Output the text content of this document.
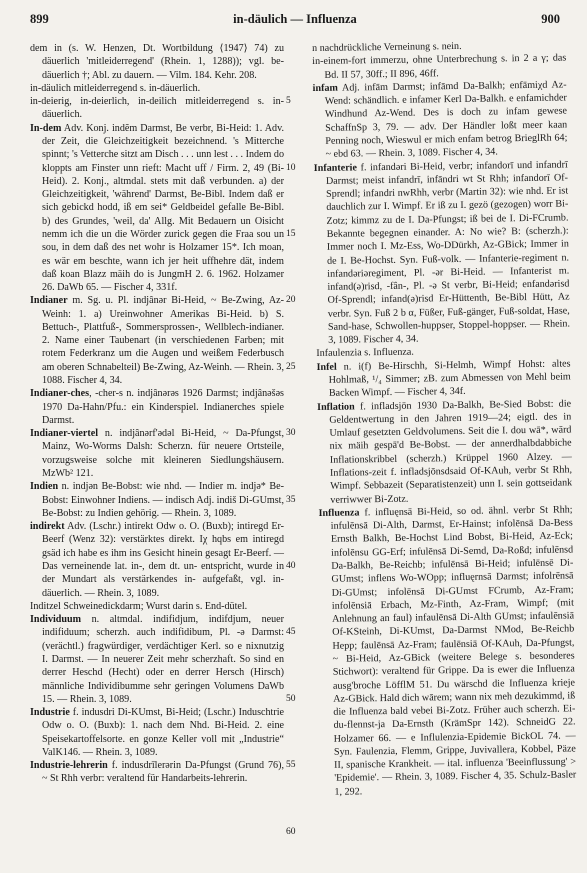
899	in-däulich — Influenza	900

dem in (s. W. Henzen, Dt. Wortbildung ⟨1947⟩ 74) zu däuerlich 'mitleiderregend' (Rhein. 1, 1288)); vgl. be-däuerlich †; Abl. zu dauern. — Vilm. 184. Kehr. 208.

in-däulich mitleiderregend s. in-däuerlich.

in-deierig, in-deierlich, in-deilich mitleiderregend s. in-däuerlich.

In-dem Adv. Konj. indẽm Darmst, Be verbr, Bi-Heid: 1. Adv. der Zeit, die Gleichzeitigkeit bezeichnend. 's Mitterche spinnt; 's Vetterche sitzt am Disch . . . unn lest . . . Indem do kloppts am Finster unn rieft: Macht uff / Firm. 2, 49 (Bi-Heid). 2. Konj., altmdal. stets mit daß verbunden. a) der Gleichzeitigkeit, 'während' Darmst, Be-Bibl. Indem daß er sich gebickd hodd, iß em sei* Geldbeidel gefalle Be-Bibl. b) des Grundes, 'weil, da' Allg. Mit Bedauern un Oisicht nemm ich die un die Wörder zurick gegen die Fraa sou un sou, in dem daß des net wohr is Holzamer 15*. Ich moan, es wär em beschte, wann ich jer heit uffhehre dät, indem daß koan Blazz mäih do is JungmH 2. 6. 1962. Holzamer 26. DaWb 65. — Fischer 4, 331f.

Indianer m. Sg. u. Pl. indjânər Bi-Heid, ~ Be-Zwing, Az-Weinh: 1. a) Ureinwohner Amerikas Bi-Heid. b) S. Bettuch-, Plattfuß-, Sommersprossen-, Wellblech-indianer. 2. Name einer Taubenart (in verschiedenen Farben; mit rotem Federkranz um die Augen und weißem Federbusch am oberen Schnabelteil) Be-Zwing, Az-Weinh. — Rhein. 3, 1088. Fischer 4, 34.

Indianer-ches, -cher-s n. indjânərəs 1926 Darmst; indjânəšəs 1970 Da-Hahn/Pfu.: ein Kinderspiel. Indianerches spiele Darmst.

Indianer-viertel n. indjânərf'ədəl Bi-Heid, ~ Da-Pfungst, Mainz, Wo-Worms Dalsh: Scherzn. für neuere Ortsteile, vorzugsweise solche mit kleineren Siedlungshäusern. MzWb² 121.

Indien n. indjən Be-Bobst: wie nhd. — Indier m. indjə* Be-Bobst: Einwohner Indiens. — indisch Adj. indiš Di-GUmst, Be-Bobst: zu Indien gehörig. — Rhein. 3, 1089.

indirekt Adv. (Lschr.) intirekt Odw o. O. (Buxb); intiregd Er-Beerf (Wenz 32): verstärktes direkt. Iχ hqbs em intiregd gsäd ich habe es ihm ins Gesicht hinein gesagt Er-Beerf. — Das verneinende lat. in-, dem dt. un- entspricht, wurde in der Mundart als verstärkendes in- aufgefaßt, vgl. in-däuerlich. — Rhein. 3, 1089.

Inditzel Schweinedickdarm; Wurst darin s. End-dütel.

Individuum n. altmdal. indifidjum, indifdjum, neuer indifiduum; scherzh. auch indifidibum, Pl. -ə Darmst: (verächtl.) fragwürdiger, verdächtiger Kerl. so e nixnutzig I. Darmst. — In neuerer Zeit mehr scherzhaft. So sind en derrer Heschd (Hecht) oder en derrer Hersch (Hirsch) männliche Individibumme sehr geringen Volumens DaWb 15. — Rhein. 3, 1089.

Industrie f. indusdri Di-KUmst, Bi-Heid; (Lschr.) Induschtrie Odw o. O. (Buxb): 1. nach dem Nhd. Bi-Heid. 2. eine Speisekartoffelsorte. en gonze Keller voll mit „Industrie“ ValK146. — Rhein. 3, 1089.

Industrie-lehrerin f. indusdrīlerərin Da-Pfungst (Grund 76), ~ St Rhh verbr: veraltend für Handarbeits-lehrerin.

5
10
15
20
25
30
35
40
45
50
55
60

n nachdrückliche Verneinung s. nein.

in-einem-fort immerzu, ohne Unterbrechung s. in 2 a γ; das Bd. II 57, 30ff.; II 896, 46ff.

infam Adj. infām Darmst; infāmd Da-Balkh; enfāmiχd Az-Wend: schändlich. e infamer Kerl Da-Balkh. e enfamichder Windhund Az-Wend. Des is doch zu infam gewese SchaffnSp 3, 79. — adv. Der Händler loßt meer kaan Penning noch, Wieswul er mich enfam betrog BrieglRh 64; ~ ebd 63. — Rhein. 3, 1089. Fischer 4, 34.

Infanterie f. infandəri Bi-Heid, verbr; infandorī und infandrī Darmst; meist infandrī, infāndri wt St Rhh; infandorī Of-Sprendl; infandri nwRhh, verbr (Martin 32): wie nhd. Er ist dauchlich zur I. Wimpf. Er iß zu I. gezö (gezogen) worr Bi-Zotz; kimmz zu de I. Da-Pfungst; iß bei de I. Di-FCrumb. Bekannte begegnen einander. A: No wie? B: (scherzh.): Immer noch I. Mz-Ess, Wo-DDürkh, Az-GBick; Immer in de I. Be-Hochst. Syn. Fuß-volk. — Infanterie-regiment n. infandəriəregiment, Pl. -ər Bi-Heid. — Infanterist m. infand(ə)risd, -fân-, Pl. -ə St verbr, Bi-Heid; enfandərisd Of-Sprendl; infand(ə)risd Er-Hüttenth, Be-Bibl Hütt, Az verbr. Syn. Fuß 2 b α, Füßer, Fuß-gänger, Fuß-soldat, Hase, Sand-hase, Schwollen-huppser, Stoppel-hoppser. — Rhein. 3, 1089. Fischer 4, 34.

Infaulenzia s. Influenza.

Infel n. i(f) Be-Hirschh, Si-Helmh, Wimpf Hohst: altes Hohlmaß, ¹/₄ Simmer; zB. zum Abmessen von Mehl beim Backen Wimpf. — Fischer 4, 34f.

Inflation f. infladsjōn 1930 Da-Balkh, Be-Sied Bobst: die Geldentwertung in den Jahren 1919—24; eigtl. des in Umlauf gesetzten Geldvolumens. Seit die I. dou wā*, wārd nix mäih gespā'd Be-Bobst. — der annerdhalbdabbiche Inflationskribbel (scherzh.) Krüppel 1960 Alzey. — Inflations-zeit f. infladsjōnsdsaid Of-KAuh, verbr St Rhh, Wimpf. Sebbazeit (Separatistenzeit) unn I. sein gottseidank verriwwer Bi-Zotz.

Influenza f. influęnsā Bi-Heid, so od. ähnl. verbr St Rhh; infulēnsā Di-Alth, Darmst, Er-Hainst; infolēnsā Da-Bess Ernsth Balkh, Be-Hochst Lind Bobst, Bi-Heid, Az-Eck; infolēnsu GG-Erf; infulēnsā Di-Semd, Da-Roßd; infulēnsd Da-Balkh, Be-Reichb; infulēnsā Bi-Heid; infulēnsē Di-GUmst; inflens Wo-WOpp; influęrnsā Darmst; infolrēnsā Di-GUmst; infolēnsā Di-GUmst FCrumb, Az-Fram; infolēnsiā Erbach, Mz-Finth, Az-Fram, Wimpf; (mit Anlehnung an faul) infaulēnsā Di-Alth GUmst; infaulēnsiā Of-KSteinh, Di-KUmst, Da-Darmst NMod, Be-Reichb Hepp; faulēnsā Az-Fram; faulēnsiā Of-KAuh, Da-Pfungst, ~ Bi-Heid, Az-GBick (weitere Belege s. besonderes Stichwort): veraltend für Grippe. Da is ewer die Influenza ausg'broche LöfflM 51. Du wärschd die Influenza krieje Az-GBick. Hald dich wārem; wann nix meh dezukimmd, iß die Influenza bald vebei Bi-Zotz. Früher auch scherzh. Ei-du-flennst-ja Da-Ernsth (KrämSpr 142). SchneidG 22. Holzamer 66. — e Influlenzia-Epidemie BickOL 74. — Syn. Faulenzia, Flemm, Grippe, Juvivallera, Kobbel, Päze II, spanische Krankheit. — ital. influenza 'Beeinflussung' > 'Epidemie'. — Rhein. 3, 1089. Fischer 4, 35. Schulz-Basler 1, 292.
